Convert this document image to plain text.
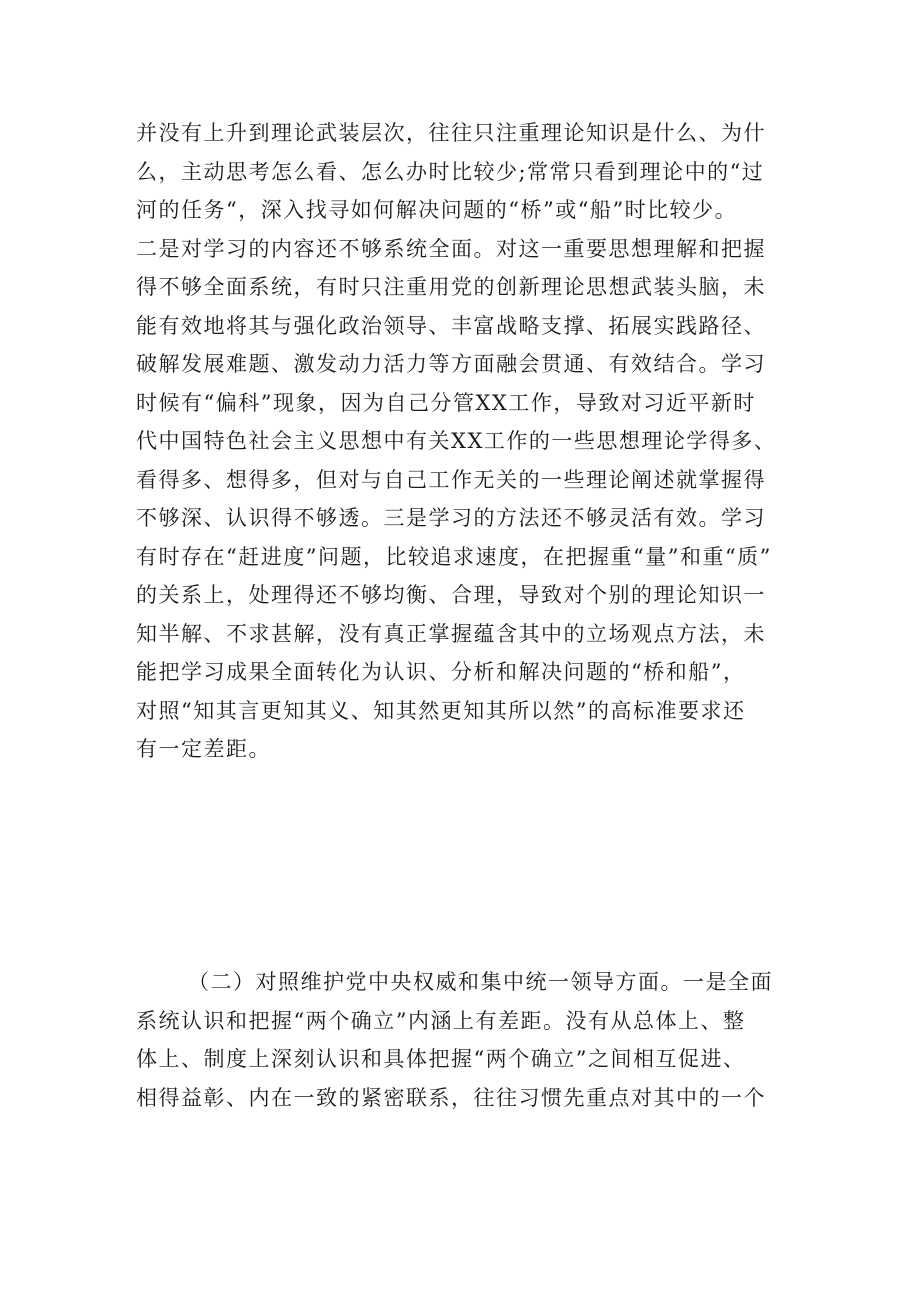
并没有上升到理论武装层次，往往只注重理论知识是什么、为什
么，主动思考怎么看、怎么办时比较少;常常只看到理论中的“过
河的任务“，深入找寻如何解决问题的“桥”或“船”时比较少。
二是对学习的内容还不够系统全面。对这一重要思想理解和把握
得不够全面系统，有时只注重用党的创新理论思想武装头脑，未
能有效地将其与强化政治领导、丰富战略支撑、拓展实践路径、
破解发展难题、激发动力活力等方面融会贯通、有效结合。学习
时候有“偏科”现象，因为自己分管XX工作，导致对习近平新时
代中国特色社会主义思想中有关XX工作的一些思想理论学得多、
看得多、想得多，但对与自己工作无关的一些理论阐述就掌握得
不够深、认识得不够透。三是学习的方法还不够灵活有效。学习
有时存在“赶进度”问题，比较追求速度，在把握重“量”和重“质”
的关系上，处理得还不够均衡、合理，导致对个别的理论知识一
知半解、不求甚解，没有真正掌握蕴含其中的立场观点方法，未
能把学习成果全面转化为认识、分析和解决问题的“桥和船”，
对照“知其言更知其义、知其然更知其所以然”的高标准要求还
有一定差距。
（二）对照维护党中央权威和集中统一领导方面。一是全面
系统认识和把握“两个确立”内涵上有差距。没有从总体上、整
体上、制度上深刻认识和具体把握“两个确立”之间相互促进、
相得益彰、内在一致的紧密联系，往往习惯先重点对其中的一个
